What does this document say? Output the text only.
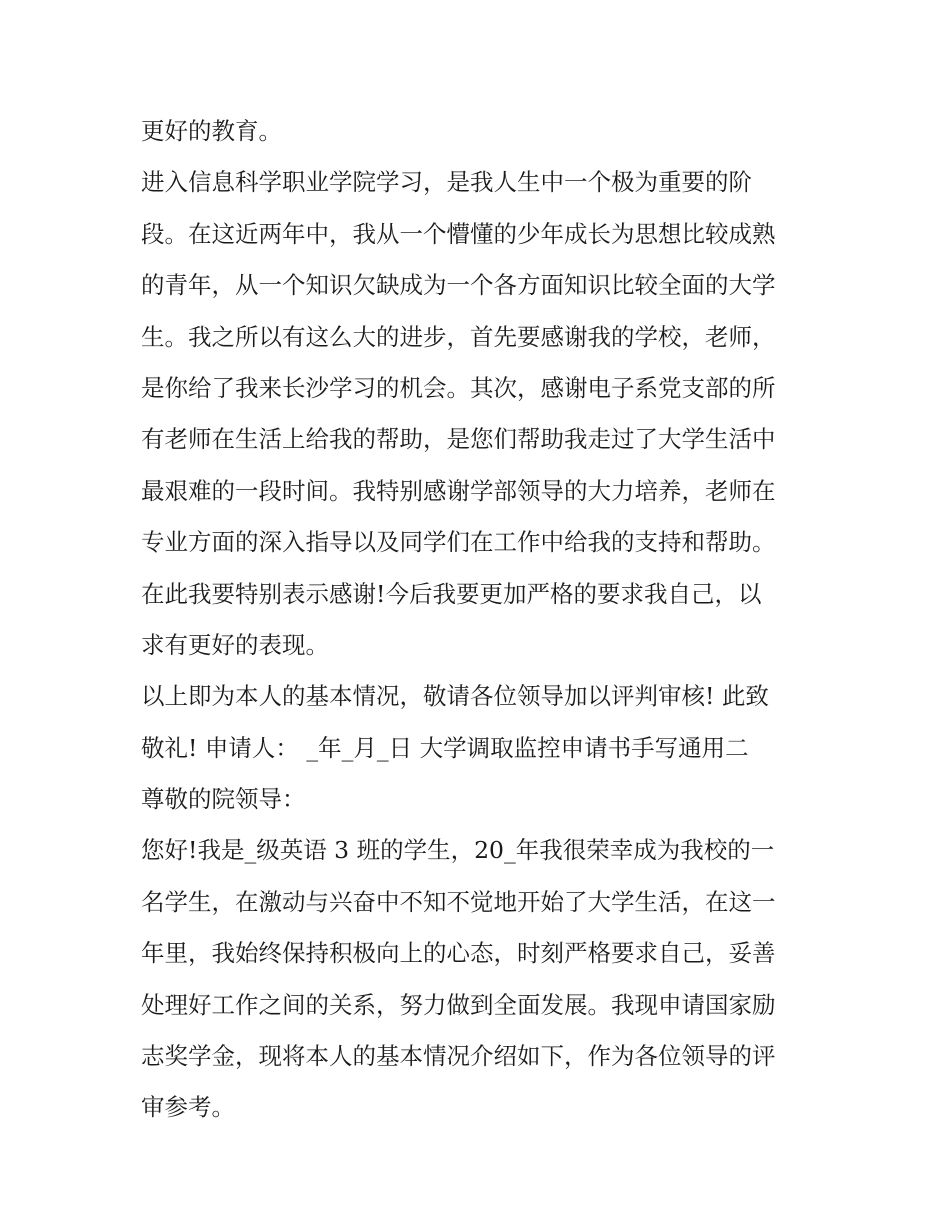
更好的教育。
进入信息科学职业学院学习，是我人生中一个极为重要的阶
段。在这近两年中，我从一个懵懂的少年成长为思想比较成熟
的青年，从一个知识欠缺成为一个各方面知识比较全面的大学
生。我之所以有这么大的进步，首先要感谢我的学校，老师，
是你给了我来长沙学习的机会。其次，感谢电子系党支部的所
有老师在生活上给我的帮助，是您们帮助我走过了大学生活中
最艰难的一段时间。我特别感谢学部领导的大力培养，老师在
专业方面的深入指导以及同学们在工作中给我的支持和帮助。
在此我要特别表示感谢!今后我要更加严格的要求我自己，以
求有更好的表现。
以上即为本人的基本情况，敬请各位领导加以评判审核! 此致
敬礼! 申请人： _年_月_日 大学调取监控申请书手写通用二
尊敬的院领导：
您好!我是_级英语 3 班的学生，20_年我很荣幸成为我校的一
名学生，在激动与兴奋中不知不觉地开始了大学生活，在这一
年里，我始终保持积极向上的心态，时刻严格要求自己，妥善
处理好工作之间的关系，努力做到全面发展。我现申请国家励
志奖学金，现将本人的基本情况介绍如下，作为各位领导的评
审参考。
